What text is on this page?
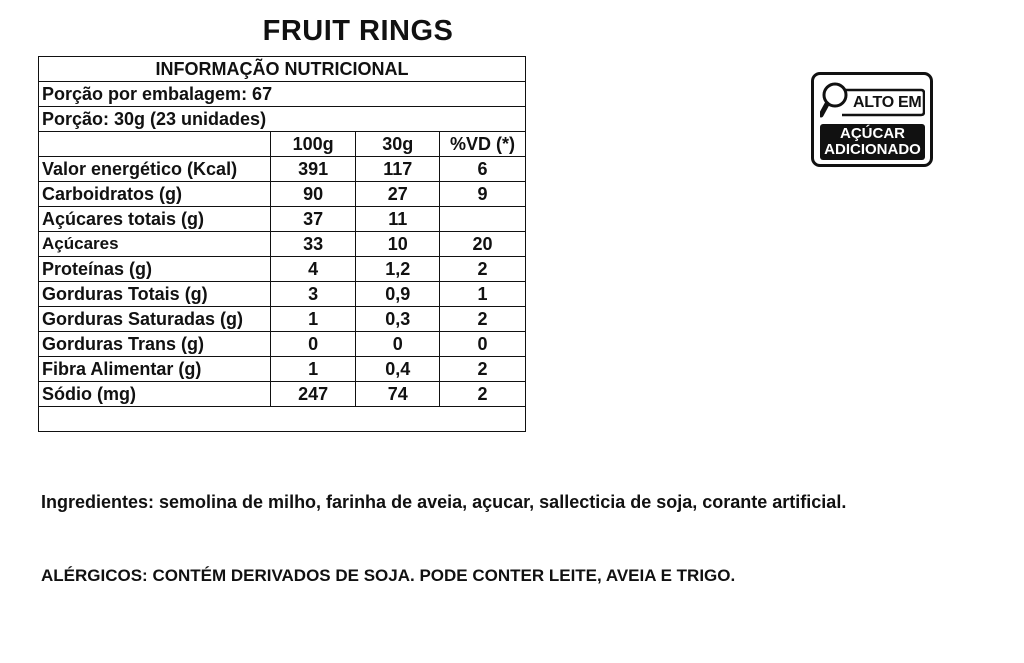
FRUIT RINGS
INFORMAÇÃO NUTRICIONAL			
Porção por embalagem: 67			
Porção: 30g (23 unidades)			
	100g	30g	%VD (*)
Valor energético (Kcal)	391	117	6
Carboidratos (g)	90	27	9
Açúcares totais (g)	37	11	
Açúcares	33	10	20
Proteínas (g)	4	1,2	2
Gorduras Totais (g)	3	0,9	1
Gorduras Saturadas (g)	1	0,3	2
Gorduras Trans (g)	0	0	0
Fibra Alimentar (g)	1	0,4	2
Sódio (mg)	247	74	2

ALTO EM
AÇÚCAR
ADICIONADO
Ingredientes: semolina de milho, farinha de aveia, açucar, sallecticia de soja, corante artificial.
ALÉRGICOS: CONTÉM DERIVADOS DE SOJA. PODE CONTER LEITE, AVEIA E TRIGO.
